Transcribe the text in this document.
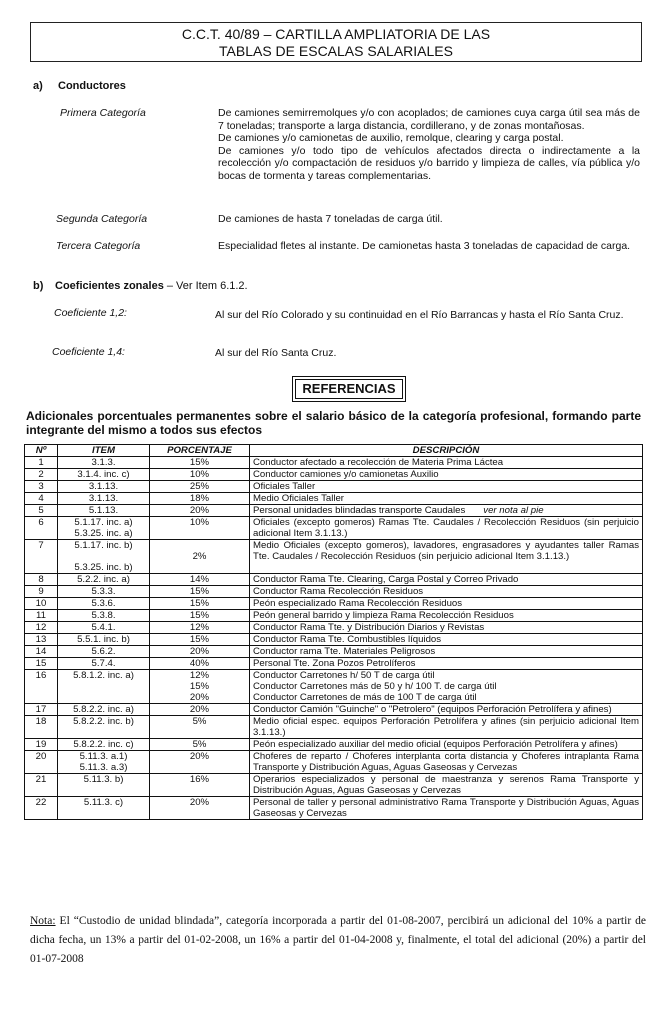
C.C.T. 40/89 – CARTILLA AMPLIATORIA DE LAS
TABLAS DE ESCALAS SALARIALES
a) Conductores
Primera Categoría	De camiones semirremolques y/o con acoplados; de camiones cuya carga útil sea más de 7 toneladas; transporte a larga distancia, cordillerano, y de zonas montañosas.
De camiones y/o camionetas de auxilio, remolque, clearing y carga postal.
De camiones y/o todo tipo de vehículos afectados directa o indirectamente a la recolección y/o compactación de residuos y/o barrido y limpieza de calles, vía pública y/o bocas de tormenta y tareas complementarias.
Segunda Categoría	De camiones de hasta 7 toneladas de carga útil.
Tercera Categoría	Especialidad fletes al instante. De camionetas hasta 3 toneladas de capacidad de carga.
b) Coeficientes zonales – Ver Item 6.1.2.
Coeficiente 1,2:	Al sur del Río Colorado y su continuidad en el Río Barrancas y hasta el Río Santa Cruz.
Coeficiente 1,4:	Al sur del Río Santa Cruz.
REFERENCIAS
Adicionales porcentuales permanentes sobre el salario básico de la categoría profesional, formando parte integrante del mismo a todos sus efectos
Nº	ITEM	PORCENTAJE	DESCRIPCIÓN
1	3.1.3.	15%	Conductor afectado a recolección de Materia Prima Láctea
2	3.1.4. inc. c)	10%	Conductor camiones y/o camionetas Auxilio
3	3.1.13.	25%	Oficiales Taller
4	3.1.13.	18%	Medio Oficiales Taller
5	5.1.13.	20%	Personal unidades blindadas transporte Caudales ver nota al pie
6	5.1.17. inc. a)
5.3.25. inc. a)	10%	Oficiales (excepto gomeros) Ramas Tte. Caudales / Recolección Residuos (sin perjuicio adicional Item 3.1.13.)
7	5.1.17. inc. b)

5.3.25. inc. b)	
2%	Medio Oficiales (excepto gomeros), lavadores, engrasadores y ayudantes taller Ramas Tte. Caudales / Recolección Residuos (sin perjuicio adicional Item 3.1.13.)
8	5.2.2. inc. a)	14%	Conductor Rama Tte. Clearing, Carga Postal y Correo Privado
9	5.3.3.	15%	Conductor Rama Recolección Residuos
10	5.3.6.	15%	Peón especializado Rama Recolección Residuos
11	5.3.8.	15%	Peón general barrido y limpieza Rama Recolección Residuos
12	5.4.1.	12%	Conductor Rama Tte. y Distribución Diarios y Revistas
13	5.5.1. inc. b)	15%	Conductor Rama Tte. Combustibles líquidos
14	5.6.2.	20%	Conductor rama Tte. Materiales Peligrosos
15	5.7.4.	40%	Personal Tte. Zona Pozos Petrolíferos
16	5.8.1.2. inc. a)	12%
15%
20%	Conductor Carretones h/ 50 T de carga útil
Conductor Carretones más de 50 y h/ 100 T. de carga útil
Conductor Carretones de más de 100 T de carga útil
17	5.8.2.2. inc. a)	20%	Conductor Camión "Guinche" o "Petrolero" (equipos Perforación Petrolífera y afines)
18	5.8.2.2. inc. b)	5%	Medio oficial espec. equipos Perforación Petrolífera y afines (sin perjuicio adicional Item 3.1.13.)
19	5.8.2.2. inc. c)	5%	Peón especializado auxiliar del medio oficial (equipos Perforación Petrolífera y afines)
20	5.11.3. a.1)
5.11.3. a.3)	20%	Choferes de reparto / Choferes interplanta corta distancia y Choferes intraplanta Rama Transporte y Distribución Aguas, Aguas Gaseosas y Cervezas
21	5.11.3. b)	16%	Operarios especializados y personal de maestranza y serenos Rama Transporte y Distribución Aguas, Aguas Gaseosas y Cervezas
22	5.11.3. c)	20%	Personal de taller y personal administrativo Rama Transporte y Distribución Aguas, Aguas Gaseosas y Cervezas
Nota: El “Custodio de unidad blindada”, categoría incorporada a partir del 01-08-2007, percibirá un adicional del 10% a partir de dicha fecha, un 13% a partir del 01-02-2008, un 16% a partir del 01-04-2008 y, finalmente, el total del adicional (20%) a partir del 01-07-2008
